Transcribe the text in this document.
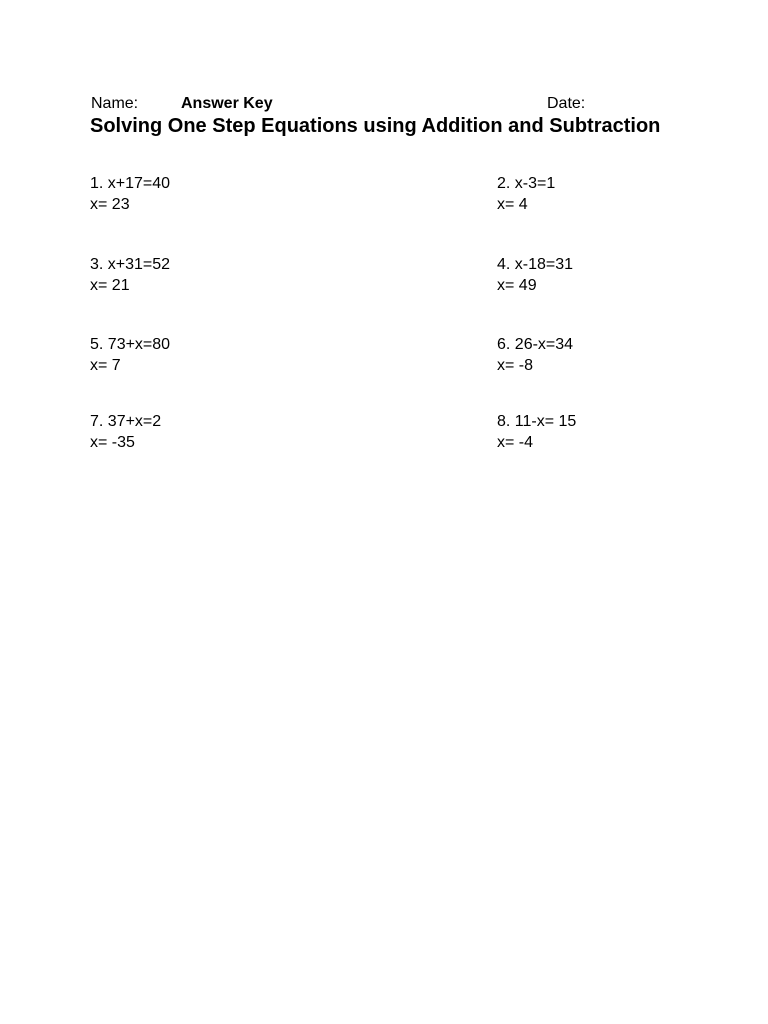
Name:	Answer Key	Date:
Solving One Step Equations using Addition and Subtraction
1. x+17=40
x= 23
2. x-3=1
x= 4
3. x+31=52
x= 21
4. x-18=31
x= 49
5. 73+x=80
x= 7
6. 26-x=34
x= -8
7. 37+x=2
x= -35
8. 11-x= 15
x= -4
